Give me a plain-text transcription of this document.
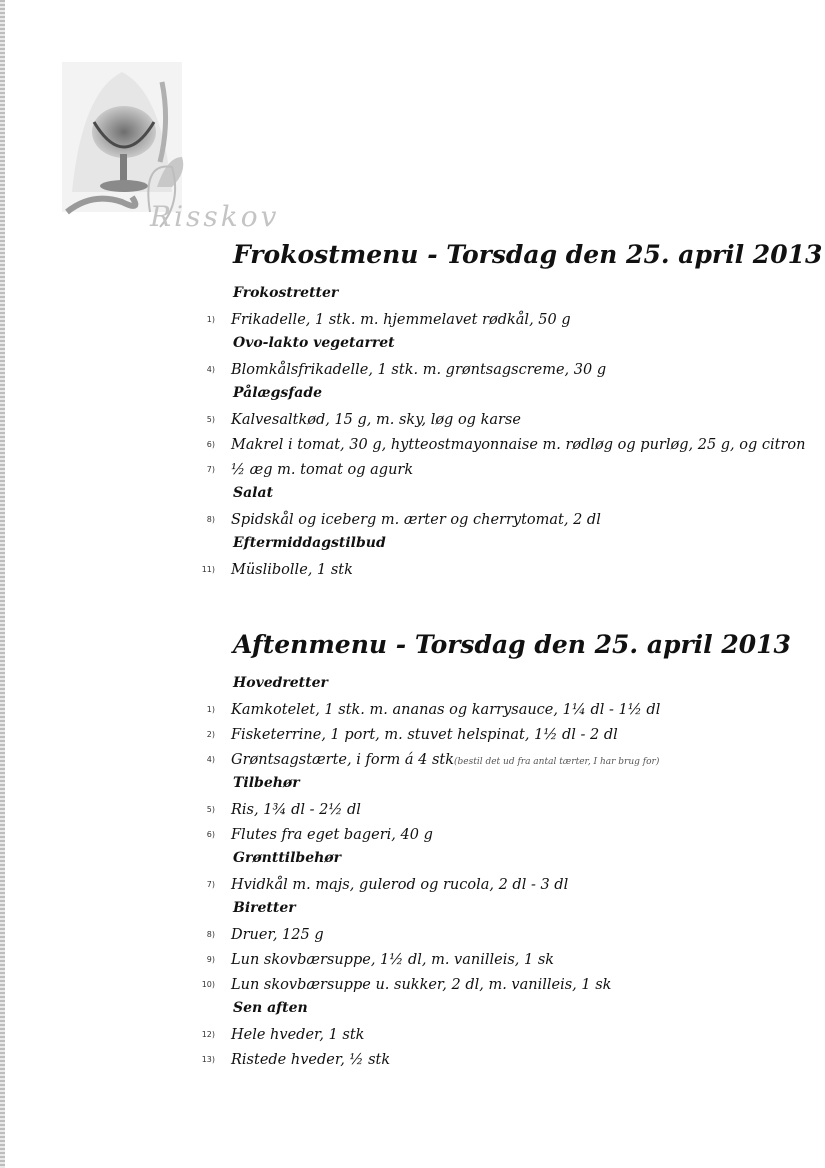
Risskov
Frokostmenu - Torsdag den 25. april 2013
Frokostretter
1) Frikadelle, 1 stk. m. hjemmelavet rødkål, 50 g
Ovo-lakto vegetarret
4) Blomkålsfrikadelle, 1 stk. m. grøntsagscreme, 30 g
Pålægsfade
5) Kalvesaltkød, 15 g, m. sky, løg og karse
6) Makrel i tomat, 30 g, hytteostmayonnaise m. rødløg og purløg, 25 g, og citron
7) ½ æg m. tomat og agurk
Salat
8) Spidskål og iceberg m. ærter og cherrytomat, 2 dl
Eftermiddagstilbud
11) Müslibolle, 1 stk
Aftenmenu - Torsdag den 25. april 2013
Hovedretter
1) Kamkotelet, 1 stk. m. ananas og karrysauce, 1¼ dl - 1½ dl
2) Fisketerrine, 1 port, m. stuvet helspinat, 1½ dl - 2 dl
4) Grøntsagstærte, i form á 4 stk(bestil det ud fra antal tærter, I har brug for)
Tilbehør
5) Ris, 1¾ dl - 2½ dl
6) Flutes fra eget bageri, 40 g
Grønttilbehør
7) Hvidkål m. majs, gulerod og rucola, 2 dl - 3 dl
Biretter
8) Druer, 125 g
9) Lun skovbærsuppe, 1½ dl, m. vanilleis, 1 sk
10) Lun skovbærsuppe u. sukker, 2 dl, m. vanilleis, 1 sk
Sen aften
12) Hele hveder, 1 stk
13) Ristede hveder, ½ stk
